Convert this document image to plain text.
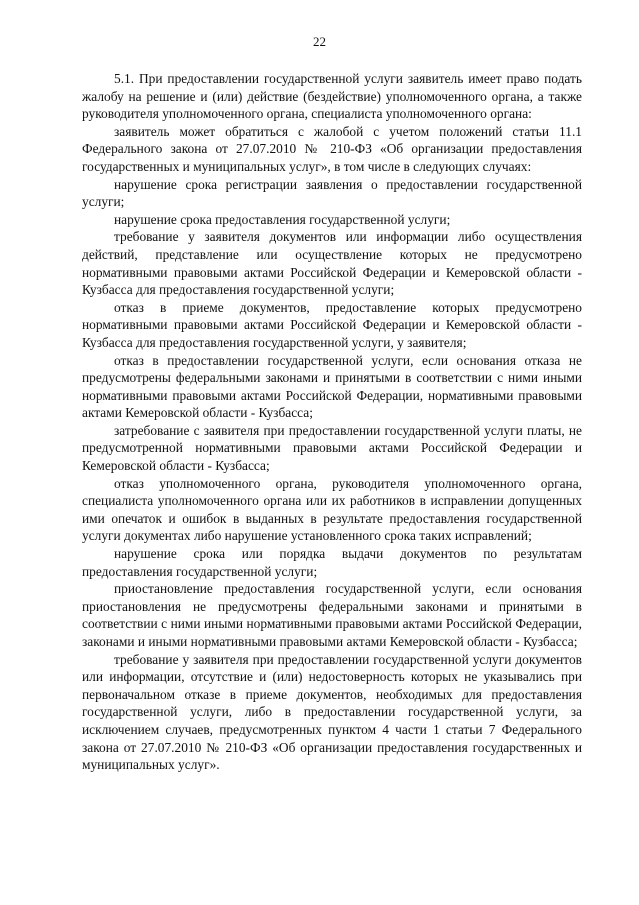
22

5.1. При предоставлении государственной услуги заявитель имеет право подать жалобу на решение и (или) действие (бездействие) уполномоченного органа, а также руководителя уполномоченного органа, специалиста уполномоченного органа:

заявитель может обратиться с жалобой с учетом положений статьи 11.1 Федерального закона от 27.07.2010 № 210-ФЗ «Об организации предоставления государственных и муниципальных услуг», в том числе в следующих случаях:

нарушение срока регистрации заявления о предоставлении государственной услуги;

нарушение срока предоставления государственной услуги;

требование у заявителя документов или информации либо осуществления действий, представление или осуществление которых не предусмотрено нормативными правовыми актами Российской Федерации и Кемеровской области - Кузбасса для предоставления государственной услуги;

отказ в приеме документов, предоставление которых предусмотрено нормативными правовыми актами Российской Федерации и Кемеровской области - Кузбасса для предоставления государственной услуги, у заявителя;

отказ в предоставлении государственной услуги, если основания отказа не предусмотрены федеральными законами и принятыми в соответствии с ними иными нормативными правовыми актами Российской Федерации, нормативными правовыми актами Кемеровской области - Кузбасса;

затребование с заявителя при предоставлении государственной услуги платы, не предусмотренной нормативными правовыми актами Российской Федерации и Кемеровской области - Кузбасса;

отказ уполномоченного органа, руководителя уполномоченного органа, специалиста уполномоченного органа или их работников в исправлении допущенных ими опечаток и ошибок в выданных в результате предоставления государственной услуги документах либо нарушение установленного срока таких исправлений;

нарушение срока или порядка выдачи документов по результатам предоставления государственной услуги;

приостановление предоставления государственной услуги, если основания приостановления не предусмотрены федеральными законами и принятыми в соответствии с ними иными нормативными правовыми актами Российской Федерации, законами и иными нормативными правовыми актами Кемеровской области - Кузбасса;

требование у заявителя при предоставлении государственной услуги документов или информации, отсутствие и (или) недостоверность которых не указывались при первоначальном отказе в приеме документов, необходимых для предоставления государственной услуги, либо в предоставлении государственной услуги, за исключением случаев, предусмотренных пунктом 4 части 1 статьи 7 Федерального закона от 27.07.2010 № 210-ФЗ «Об организации предоставления государственных и муниципальных услуг».
